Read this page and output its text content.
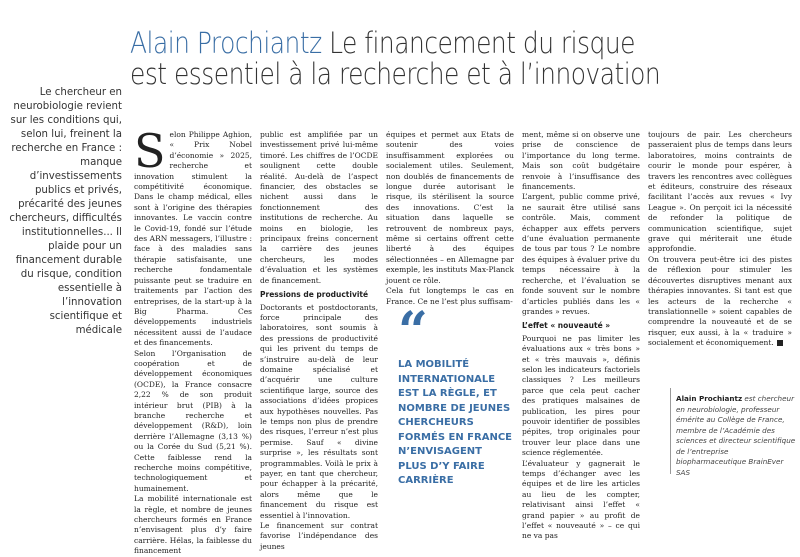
Alain Prochiantz Le financement du risque
est essentiel à la recherche et à l’innovation

Le chercheur en neurobiologie revient sur les conditions qui, selon lui, freinent la recherche en France : manque d’investissements publics et privés, précarité des jeunes chercheurs, difficultés institutionnelles... Il plaide pour un financement durable du risque, condition essentielle à l’innovation scientifique et médicale

S elon Philippe Aghion, « Prix Nobel d’économie » 2025, recherche et innovation stimulent la compétitivité économique. Dans le champ médical, elles sont à l’origine des thérapies innovantes. Le vaccin contre le Covid-19, fondé sur l’étude des ARN messagers, l’illustre : face à des maladies sans thérapie satisfaisante, une recherche fondamentale puissante peut se traduire en traitements par l’action des entreprises, de la start-up à la Big Pharma. Ces développements industriels nécessitent aussi de l’audace et des financements.

Selon l’Organisation de coopération et de développement économiques (OCDE), la France consacre 2,22 % de son produit intérieur brut (PIB) à la branche recherche et développement (R&D), loin derrière l’Allemagne (3,13 %) ou la Corée du Sud (5,21 %). Cette faiblesse rend la recherche moins compétitive, technologiquement et humainement.

La mobilité internationale est la règle, et nombre de jeunes chercheurs formés en France n’envisagent plus d’y faire carrière. Hélas, la faiblesse du financement

public est amplifiée par un investissement privé lui-même timoré. Les chiffres de l’OCDE soulignent cette double réalité. Au-delà de l’aspect financier, des obstacles se nichent aussi dans le fonctionnement des institutions de recherche. Au moins en biologie, les principaux freins concernent la carrière des jeunes chercheurs, les modes d’évaluation et les systèmes de financement.

Pressions de productivité

Doctorants et postdoctorants, force principale des laboratoires, sont soumis à des pressions de productivité qui les privent du temps de s’instruire au-delà de leur domaine spécialisé et d’acquérir une culture scientifique large, source des associations d’idées propices aux hypothèses nouvelles. Pas le temps non plus de prendre des risques, l’erreur n’est plus permise. Sauf « divine surprise », les résultats sont programmables. Voilà le prix à payer, en tant que chercheur, pour échapper à la précarité, alors même que le financement du risque est essentiel à l’innovation.

Le financement sur contrat favorise l’indépendance des jeunes

équipes et permet aux Etats de soutenir des voies insuffisamment explorées ou socialement utiles. Seulement, non doublés de financements de longue durée autorisant le risque, ils stérilisent la source des innovations. C’est la situation dans laquelle se retrouvent de nombreux pays, même si certains offrent cette liberté à des équipes sélectionnées – en Allemagne par exemple, les instituts Max-Planck jouent ce rôle.

Cela fut longtemps le cas en France. Ce ne l’est plus suffisam-

“
LA MOBILITÉ INTERNATIONALE EST LA RÈGLE, ET NOMBRE DE JEUNES CHERCHEURS FORMÉS EN FRANCE N’ENVISAGENT PLUS D’Y FAIRE CARRIÈRE

ment, même si on observe une prise de conscience de l’importance du long terme. Mais son coût budgétaire renvoie à l’insuffisance des financements.

L’argent, public comme privé, ne saurait être utilisé sans contrôle. Mais, comment échapper aux effets pervers d’une évaluation permanente de tous par tous ? Le nombre des équipes à évaluer prive du temps nécessaire à la recherche, et l’évaluation se fonde souvent sur le nombre d’articles publiés dans les « grandes » revues.

L’effet « nouveauté »

Pourquoi ne pas limiter les évaluations aux « très bons » et « très mauvais », définis selon les indicateurs factoriels classiques ? Les meilleurs parce que cela peut cacher des pratiques malsaines de publication, les pires pour pouvoir identifier de possibles pépites, trop originales pour trouver leur place dans une science réglementée.

L’évaluateur y gagnerait le temps d’échanger avec les équipes et de lire les articles au lieu de les compter, relativisant ainsi l’effet « grand papier » au profit de l’effet « nouveauté » – ce qui ne va pas

toujours de pair. Les chercheurs passeraient plus de temps dans leurs laboratoires, moins contraints de courir le monde pour espérer, à travers les rencontres avec collègues et éditeurs, construire des réseaux facilitant l’accès aux revues « Ivy League ». On perçoit ici la nécessité de refonder la politique de communication scientifique, sujet grave qui mériterait une étude approfondie.

On trouvera peut-être ici des pistes de réflexion pour stimuler les découvertes disruptives menant aux thérapies innovantes. Si tant est que les acteurs de la recherche « translationnelle » soient capables de comprendre la nouveauté et de se risquer, eux aussi, à la « traduire » socialement et économiquement.

Alain Prochiantz est chercheur en neurobiologie, professeur émérite au Collège de France, membre de l’Académie des sciences et directeur scientifique de l’entreprise biopharmaceutique BrainEver SAS
